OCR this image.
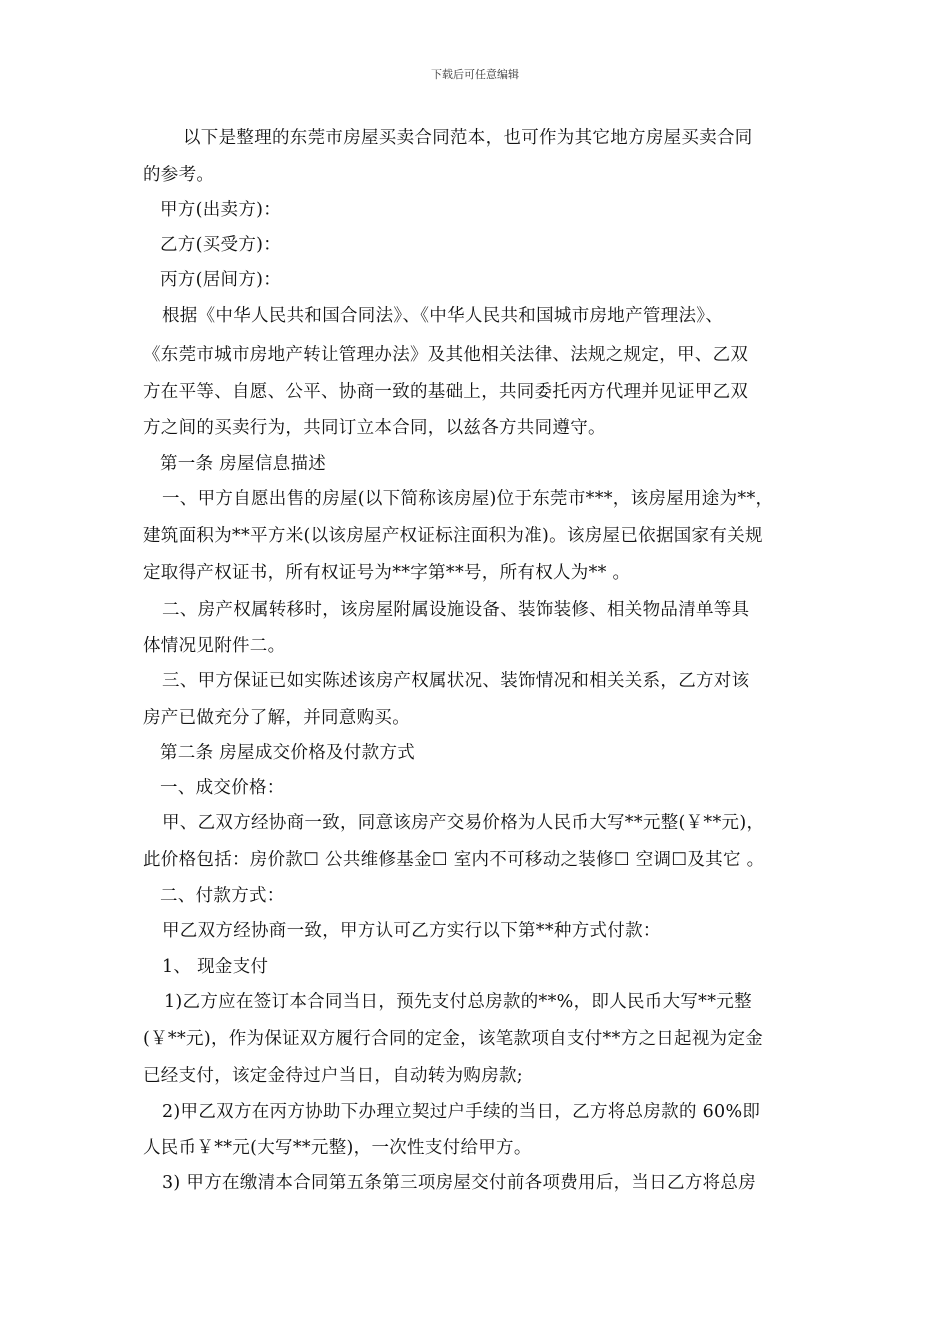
下载后可任意编辑
以下是整理的东莞市房屋买卖合同范本，也可作为其它地方房屋买卖合同
的参考。
甲方(出卖方)：
乙方(买受方)：
丙方(居间方)：
根据《中华人民共和国合同法》、《中华人民共和国城市房地产管理法》、
《东莞市城市房地产转让管理办法》及其他相关法律、法规之规定，甲、乙双
方在平等、自愿、公平、协商一致的基础上，共同委托丙方代理并见证甲乙双
方之间的买卖行为，共同订立本合同，以兹各方共同遵守。
第一条 房屋信息描述
一、甲方自愿出售的房屋(以下简称该房屋)位于东莞市***，该房屋用途为**，
建筑面积为**平方米(以该房屋产权证标注面积为准)。该房屋已依据国家有关规
定取得产权证书，所有权证号为**字第**号，所有权人为** 。
二、房产权属转移时，该房屋附属设施设备、装饰装修、相关物品清单等具
体情况见附件二。
三、甲方保证已如实陈述该房产权属状况、装饰情况和相关关系，乙方对该
房产已做充分了解，并同意购买。
第二条 房屋成交价格及付款方式
一、成交价格：
甲、乙双方经协商一致，同意该房产交易价格为人民币大写**元整(￥**元)，
此价格包括：房价款☐ 公共维修基金☐ 室内不可移动之装修☐ 空调☐及其它 。
二、付款方式：
甲乙双方经协商一致，甲方认可乙方实行以下第**种方式付款：
1、 现金支付
1)乙方应在签订本合同当日，预先支付总房款的**%，即人民币大写**元整
(￥**元)，作为保证双方履行合同的定金，该笔款项自支付**方之日起视为定金
已经支付，该定金待过户当日，自动转为购房款;
2)甲乙双方在丙方协助下办理立契过户手续的当日，乙方将总房款的 60%即
人民币￥**元(大写**元整)，一次性支付给甲方。
3) 甲方在缴清本合同第五条第三项房屋交付前各项费用后，当日乙方将总房
